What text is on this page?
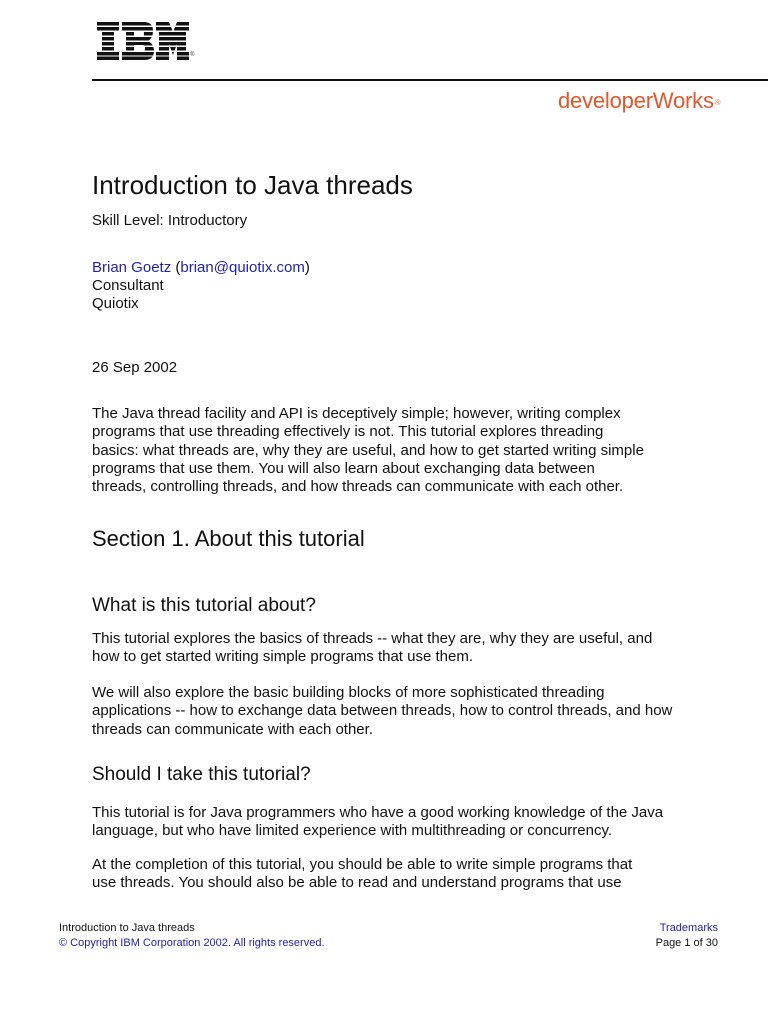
®
developerWorks®
Introduction to Java threads
Skill Level: Introductory
Brian Goetz (brian@quiotix.com)
Consultant
Quiotix
26 Sep 2002
The Java thread facility and API is deceptively simple; however, writing complex programs that use threading effectively is not. This tutorial explores threading basics: what threads are, why they are useful, and how to get started writing simple programs that use them. You will also learn about exchanging data between threads, controlling threads, and how threads can communicate with each other.
Section 1. About this tutorial
What is this tutorial about?
This tutorial explores the basics of threads -- what they are, why they are useful, and how to get started writing simple programs that use them.
We will also explore the basic building blocks of more sophisticated threading applications -- how to exchange data between threads, how to control threads, and how threads can communicate with each other.
Should I take this tutorial?
This tutorial is for Java programmers who have a good working knowledge of the Java language, but who have limited experience with multithreading or concurrency.
At the completion of this tutorial, you should be able to write simple programs that use threads. You should also be able to read and understand programs that use
Introduction to Java threads
© Copyright IBM Corporation 2002. All rights reserved.
Trademarks
Page 1 of 30
